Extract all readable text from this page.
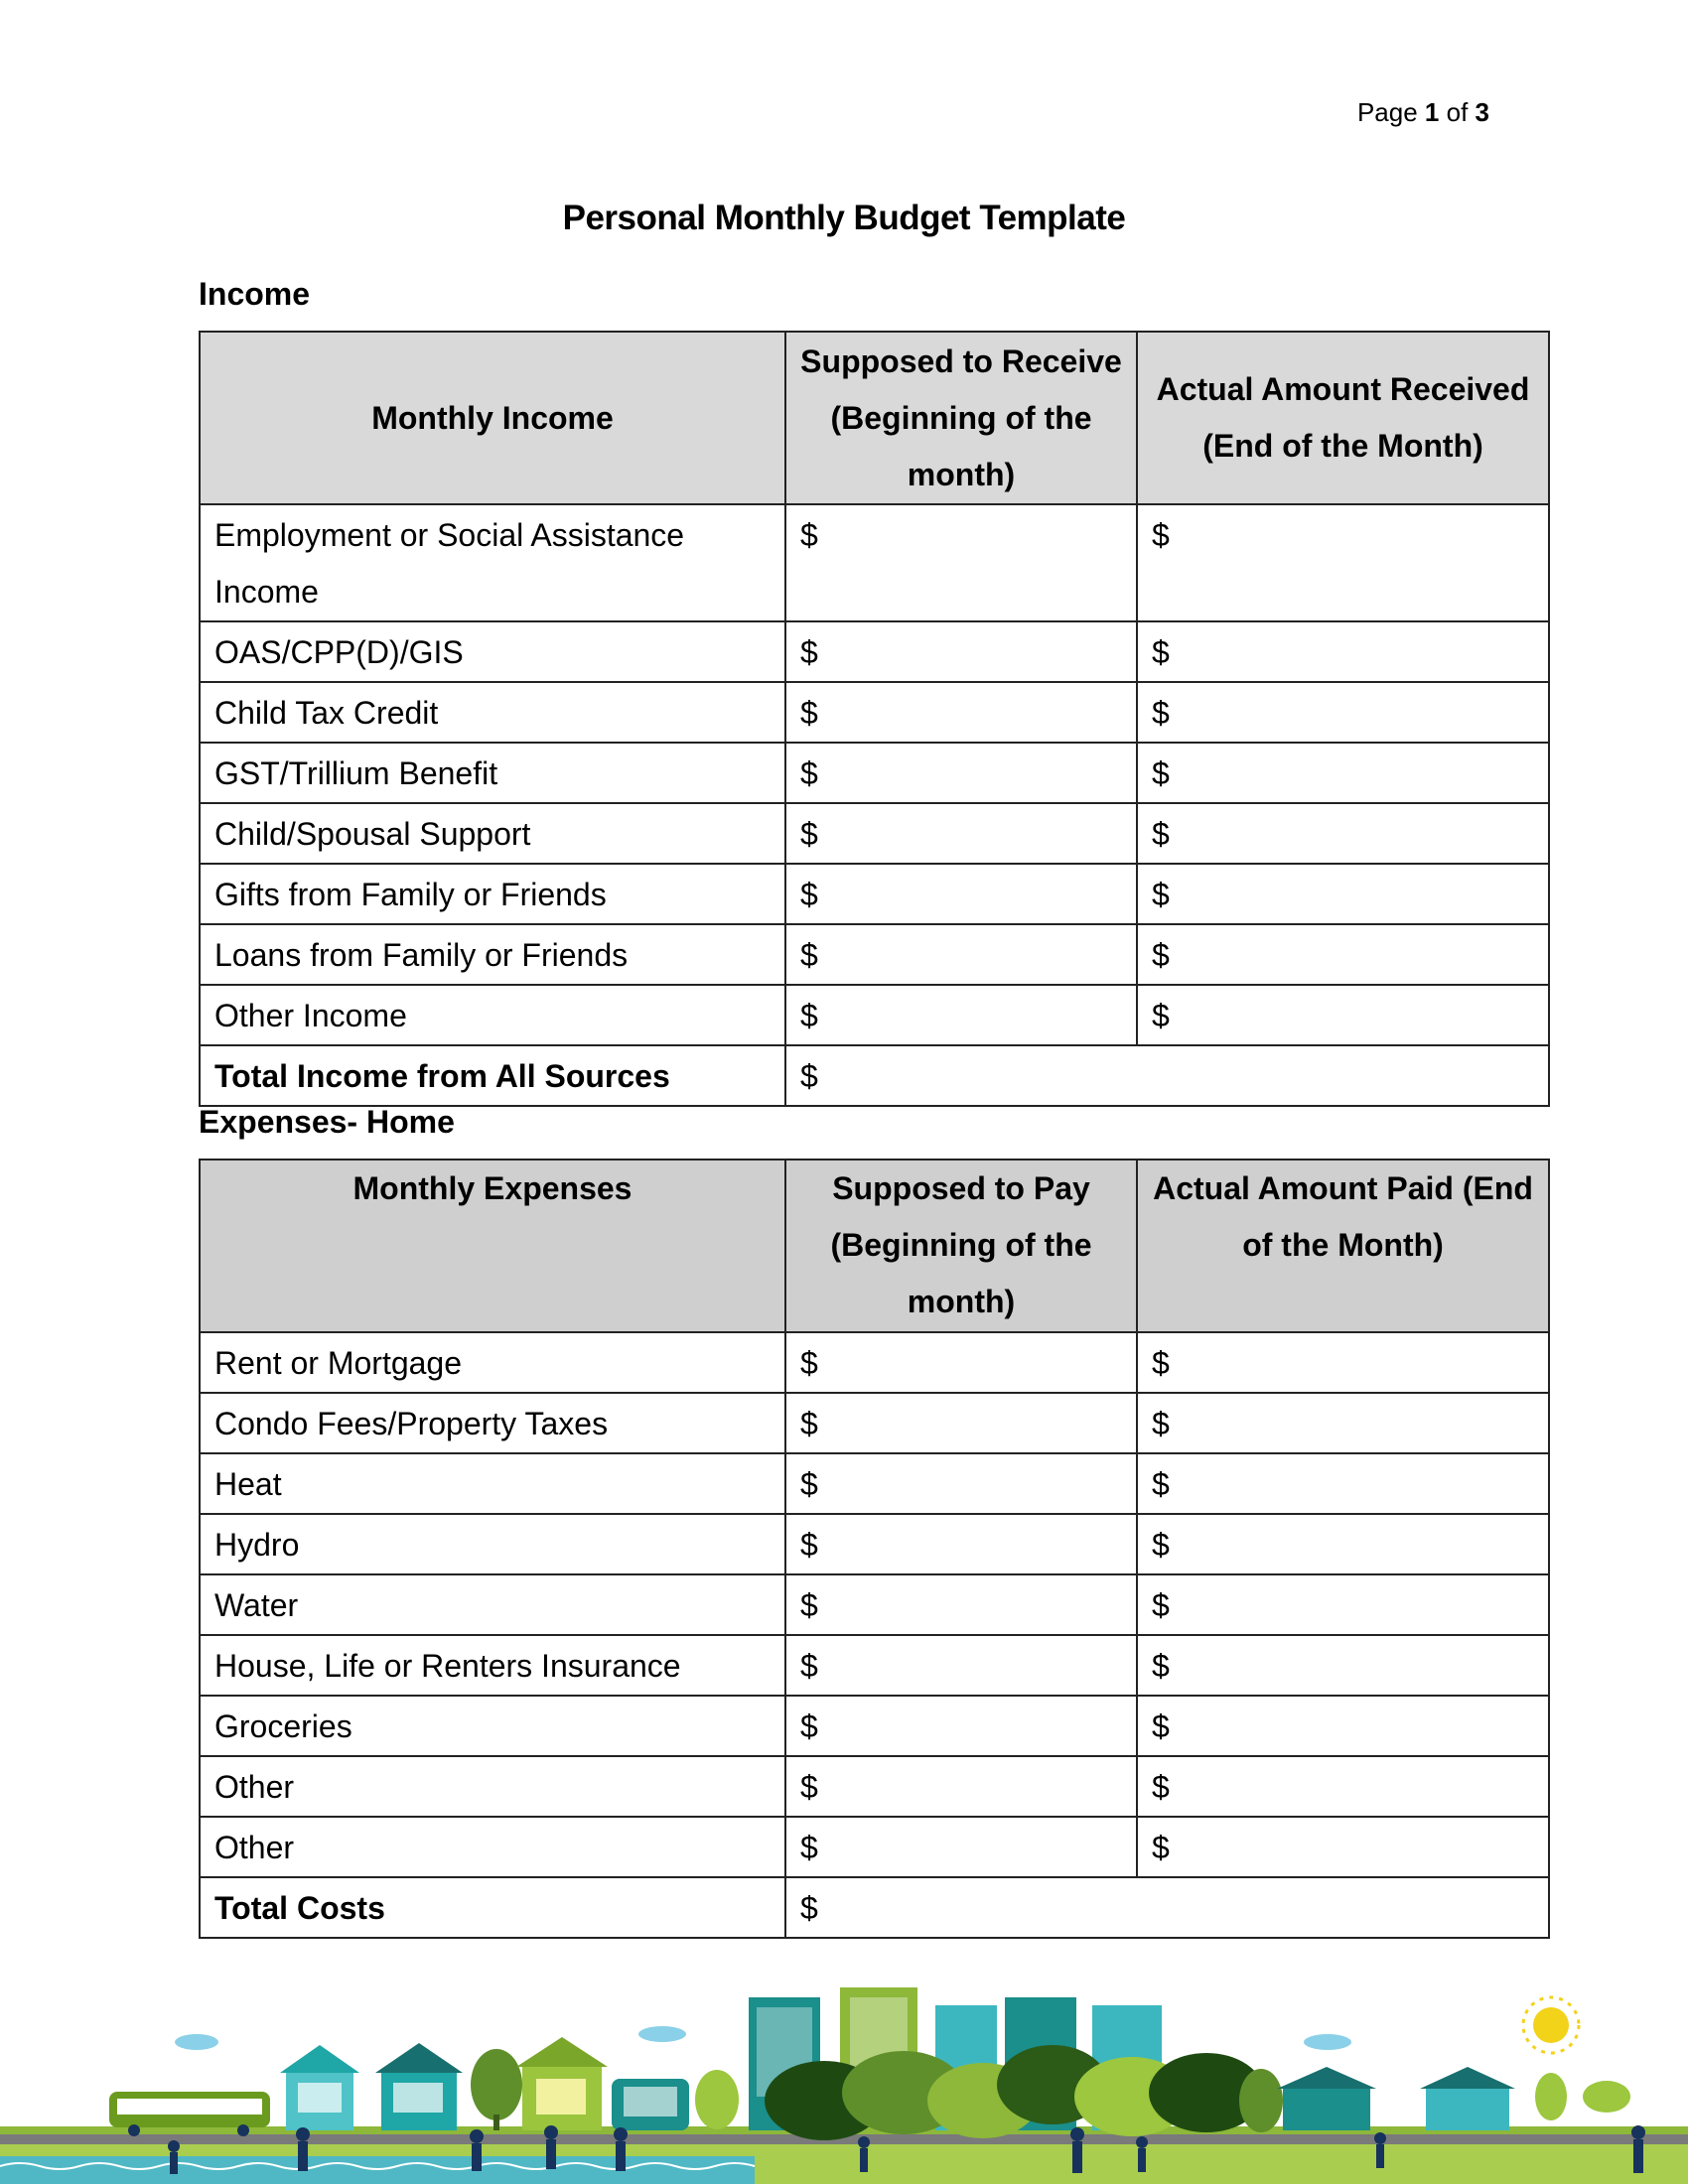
Page 1 of 3
Personal Monthly Budget Template
Income
Monthly Income	Supposed to Receive (Beginning of the month)	Actual Amount Received (End of the Month)
Employment or Social Assistance Income	$	$
OAS/CPP(D)/GIS	$	$
Child Tax Credit	$	$
GST/Trillium Benefit	$	$
Child/Spousal Support	$	$
Gifts from Family or Friends	$	$
Loans from Family or Friends	$	$
Other Income	$	$
Total Income from All Sources	$	
Expenses- Home
Monthly Expenses	Supposed to Pay (Beginning of the month)	Actual Amount Paid (End of the Month)
Rent or Mortgage	$	$
Condo Fees/Property Taxes	$	$
Heat	$	$
Hydro	$	$
Water	$	$
House, Life or Renters Insurance	$	$
Groceries	$	$
Other	$	$
Other	$	$
Total Costs	$	
